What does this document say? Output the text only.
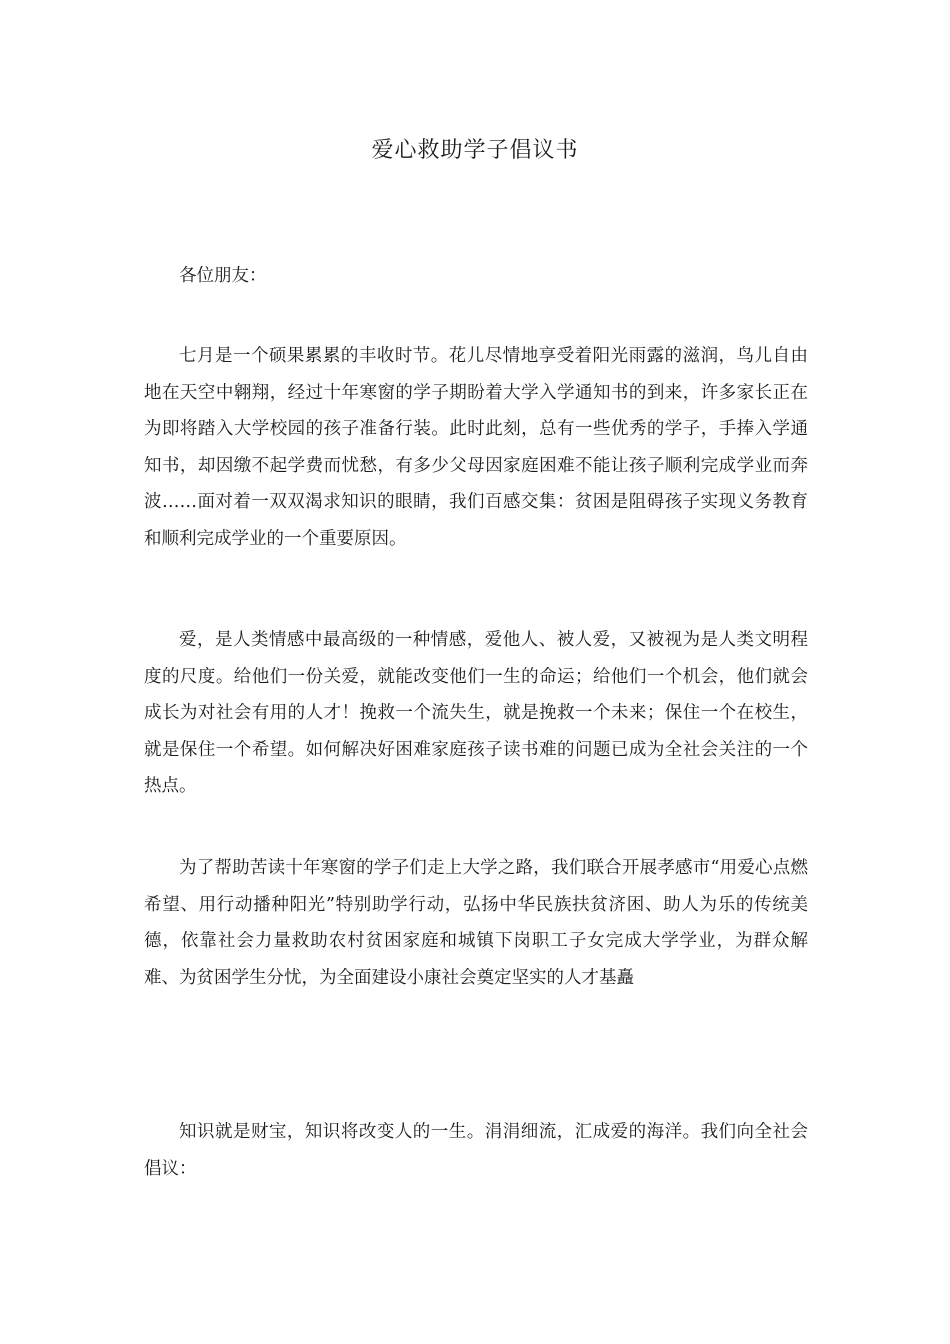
爱心救助学子倡议书

各位朋友：

七月是一个硕果累累的丰收时节。花儿尽情地享受着阳光雨露的滋润，鸟儿自由地在天空中翱翔，经过十年寒窗的学子期盼着大学入学通知书的到来，许多家长正在为即将踏入大学校园的孩子准备行装。此时此刻，总有一些优秀的学子，手捧入学通知书，却因缴不起学费而忧愁，有多少父母因家庭困难不能让孩子顺利完成学业而奔波……面对着一双双渴求知识的眼睛，我们百感交集：贫困是阻碍孩子实现义务教育和顺利完成学业的一个重要原因。

爱，是人类情感中最高级的一种情感，爱他人、被人爱，又被视为是人类文明程度的尺度。给他们一份关爱，就能改变他们一生的命运；给他们一个机会，他们就会成长为对社会有用的人才！挽救一个流失生，就是挽救一个未来；保住一个在校生，就是保住一个希望。如何解决好困难家庭孩子读书难的问题已成为全社会关注的一个热点。

为了帮助苦读十年寒窗的学子们走上大学之路，我们联合开展孝感市“用爱心点燃希望、用行动播种阳光”特别助学行动，弘扬中华民族扶贫济困、助人为乐的传统美德，依靠社会力量救助农村贫困家庭和城镇下岗职工子女完成大学学业，为群众解难、为贫困学生分忧，为全面建设小康社会奠定坚实的人才基矗

知识就是财宝，知识将改变人的一生。涓涓细流，汇成爱的海洋。我们向全社会倡议：
